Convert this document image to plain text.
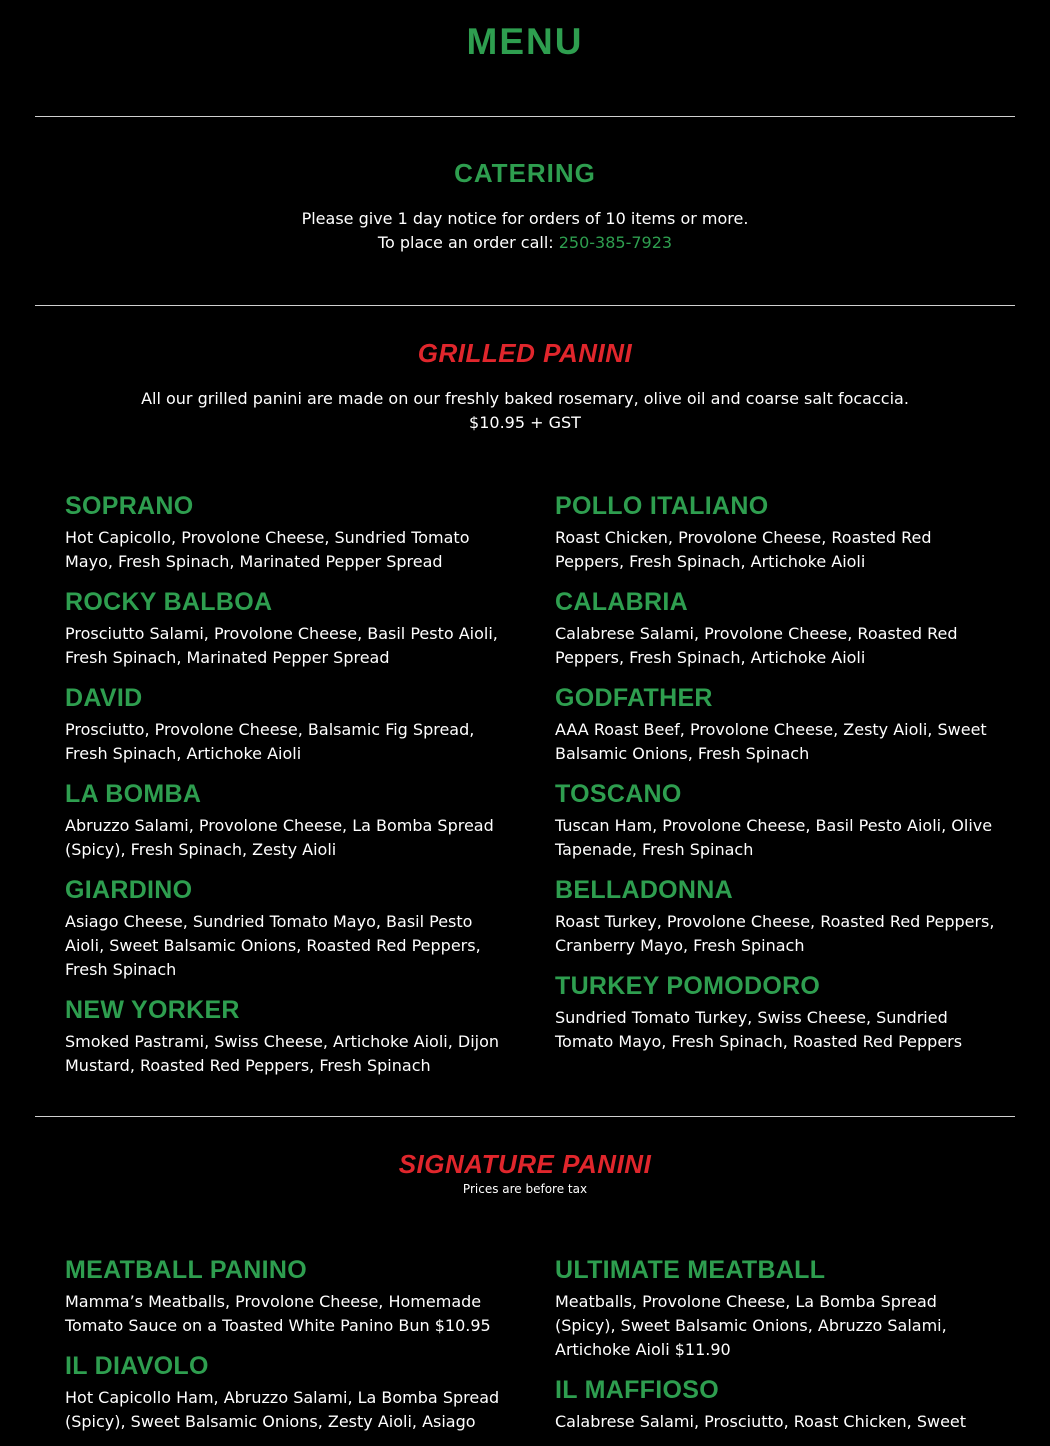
MENU
CATERING
Please give 1 day notice for orders of 10 items or more.
To place an order call: 250-385-7923
GRILLED PANINI
All our grilled panini are made on our freshly baked rosemary, olive oil and coarse salt focaccia.
$10.95 + GST
SOPRANO

Hot Capicollo, Provolone Cheese, Sundried Tomato Mayo, Fresh Spinach, Marinated Pepper Spread

ROCKY BALBOA

Prosciutto Salami, Provolone Cheese, Basil Pesto Aioli, Fresh Spinach, Marinated Pepper Spread

DAVID

Prosciutto, Provolone Cheese, Balsamic Fig Spread, Fresh Spinach, Artichoke Aioli

LA BOMBA

Abruzzo Salami, Provolone Cheese, La Bomba Spread (Spicy), Fresh Spinach, Zesty Aioli

GIARDINO

Asiago Cheese, Sundried Tomato Mayo, Basil Pesto Aioli, Sweet Balsamic Onions, Roasted Red Peppers, Fresh Spinach

NEW YORKER

Smoked Pastrami, Swiss Cheese, Artichoke Aioli, Dijon Mustard, Roasted Red Peppers, Fresh Spinach

POLLO ITALIANO

Roast Chicken, Provolone Cheese, Roasted Red Peppers, Fresh Spinach, Artichoke Aioli

CALABRIA

Calabrese Salami, Provolone Cheese, Roasted Red Peppers, Fresh Spinach, Artichoke Aioli

GODFATHER

AAA Roast Beef, Provolone Cheese, Zesty Aioli, Sweet Balsamic Onions, Fresh Spinach

TOSCANO

Tuscan Ham, Provolone Cheese, Basil Pesto Aioli, Olive Tapenade, Fresh Spinach

BELLADONNA

Roast Turkey, Provolone Cheese, Roasted Red Peppers, Cranberry Mayo, Fresh Spinach

TURKEY POMODORO

Sundried Tomato Turkey, Swiss Cheese, Sundried Tomato Mayo, Fresh Spinach, Roasted Red Peppers

SIGNATURE PANINI
Prices are before tax
MEATBALL PANINO

Mamma’s Meatballs, Provolone Cheese, Homemade Tomato Sauce on a Toasted White Panino Bun $10.95

IL DIAVOLO

Hot Capicollo Ham, Abruzzo Salami, La Bomba Spread (Spicy), Sweet Balsamic Onions, Zesty Aioli, Asiago

ULTIMATE MEATBALL

Meatballs, Provolone Cheese, La Bomba Spread (Spicy), Sweet Balsamic Onions, Abruzzo Salami, Artichoke Aioli $11.90

IL MAFFIOSO

Calabrese Salami, Prosciutto, Roast Chicken, Sweet
